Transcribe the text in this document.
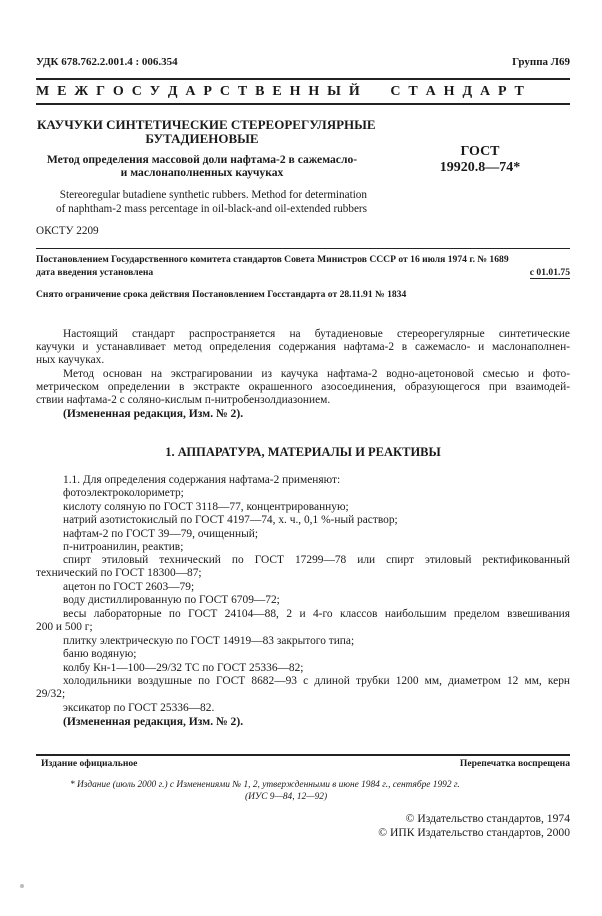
УДК 678.762.2.001.4 : 006.354	Группа Л69
М Е Ж Г О С У Д А Р С Т В Е Н Н Ы Й     С Т А Н Д А Р Т
КАУЧУКИ СИНТЕТИЧЕСКИЕ СТЕРЕОРЕГУЛЯРНЫЕ
БУТАДИЕНОВЫЕ
Метод определения массовой доли нафтама-2 в сажемасло-
и маслонаполненных каучуках
ГОСТ
19920.8—74*
Stereoregular butadiene synthetic rubbers. Method for determination
of naphtham-2 mass percentage in oil-black-and oil-extended rubbers
ОКСТУ 2209
Постановлением Государственного комитета стандартов Совета Министров СССР от 16 июля 1974 г. № 1689
дата введения установлена	с 01.01.75
Снято ограничение срока действия Постановлением Госстандарта от 28.11.91 № 1834
Настоящий стандарт распространяется на бутадиеновые стереорегулярные синтетические
каучуки и устанавливает метод определения содержания нафтама-2 в сажемасло- и маслонаполнен-
ных каучуках.
Метод основан на экстрагировании из каучука нафтама-2 водно-ацетоновой смесью и фото-
метрическом определении в экстракте окрашенного азосоединения, образующегося при взаимодей-
ствии нафтама-2 с соляно-кислым п-нитробензолдиазонием.
(Измененная редакция, Изм. № 2).
1. АППАРАТУРА, МАТЕРИАЛЫ И РЕАКТИВЫ
1.1. Для определения содержания нафтама-2 применяют:
фотоэлектроколориметр;
кислоту соляную по ГОСТ 3118—77, концентрированную;
натрий азотистокислый по ГОСТ 4197—74, х. ч., 0,1 %-ный раствор;
нафтам-2 по ГОСТ 39—79, очищенный;
п-нитроанилин, реактив;
спирт этиловый технический по ГОСТ 17299—78 или спирт этиловый ректификованный
технический по ГОСТ 18300—87;
ацетон по ГОСТ 2603—79;
воду дистиллированную по ГОСТ 6709—72;
весы лабораторные по ГОСТ 24104—88, 2 и 4-го классов наибольшим пределом взвешивания
200 и 500 г;
плитку электрическую по ГОСТ 14919—83 закрытого типа;
баню водяную;
колбу Кн-1—100—29/32 ТС по ГОСТ 25336—82;
холодильники воздушные по ГОСТ 8682—93 с длиной трубки 1200 мм, диаметром 12 мм, керн
29/32;
эксикатор по ГОСТ 25336—82.
(Измененная редакция, Изм. № 2).
Издание официальное	Перепечатка воспрещена
* Издание (июль 2000 г.) с Изменениями № 1, 2, утвержденными в июне 1984 г., сентябре 1992 г.
(ИУС 9—84, 12—92)
© Издательство стандартов, 1974
© ИПК Издательство стандартов, 2000
